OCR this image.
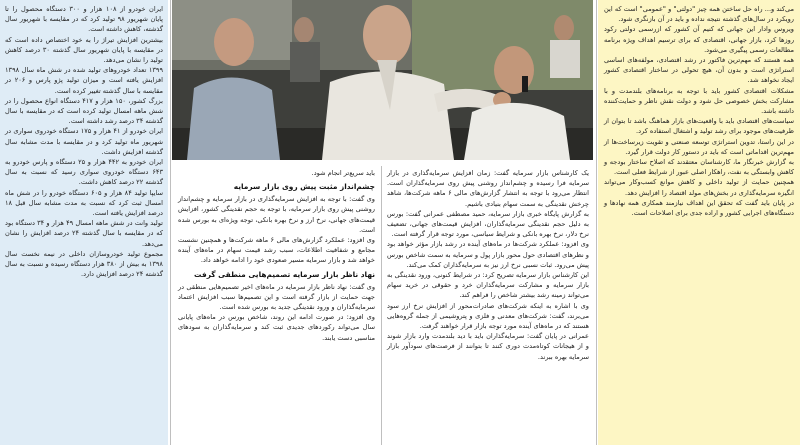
ایران خودرو از ۱۰۸ هزار و ۳۰۰ دستگاه محصول را تا پایان شهریور ۹۸ تولید کرد که در مقایسه با شهریور سال گذشته، کاهش داشته است.

بیشترین افزایش تیراژ را به خود اختصاص داده است که در مقایسه با پایان شهریور سال گذشته ۳۰ درصد کاهش تولید را نشان می‌دهد.

۱۳۹۹ تعداد خودروهای تولید شده در شش ماه سال ۱۳۹۸ افزایش یافته است و میزان تولید پژو پارس و ۲۰۶ در مقایسه با سال گذشته تغییر کرده است.

بزرگ کشور، ۱۵۰ هزار و ۴۱۷ دستگاه انواع محصول را در شش ماهه امسال تولید کرده است که در مقایسه با سال گذشته ۳۴ درصد رشد داشته است.

ایران خودرو از ۴۱ هزار و ۱۷۵ دستگاه خودروی سواری در شهریور ماه تولید کرد و در مقایسه با مدت مشابه سال گذشته افزایش داشت.

ایران خودرو به ۴۴۲ هزار و ۲۵ دستگاه و پارس خودرو به ۶۴۳ دستگاه خودروی سواری رسید که نسبت به سال گذشته ۲۲ درصد کاهش داشت.

سایپا تولید ۸۴ هزار و ۶۰۵ دستگاه خودرو را در شش ماه امسال ثبت کرد که نسبت به مدت مشابه سال قبل ۱۸ درصد افزایش یافته است.

تولید وانت در شش ماهه امسال ۴۹ هزار و ۳۴ دستگاه بود که در مقایسه با سال گذشته ۲۴ درصد افزایش را نشان می‌دهد.

مجموع تولید خودروسازان داخلی در نیمه نخست سال ۱۳۹۸ به بیش از ۳۸۰ هزار دستگاه رسیده و نسبت به سال گذشته ۲۴ درصد افزایش دارد.

یک کارشناس بازار سرمایه گفت: زمان افزایش سرمایه‌گذاری در بازار سرمایه فرا رسیده و چشم‌انداز روشنی پیش روی سرمایه‌گذاران است. انتظار می‌رود با توجه به انتشار گزارش‌های مالی ۶ ماهه شرکت‌ها، شاهد چرخش نقدینگی به سمت سهام بنیادی باشیم.

به گزارش پایگاه خبری بازار سرمایه، حمید مصطفی عمرانی گفت: بورس به دلیل حجم نقدینگی سرمایه‌گذاران، افزایش قیمت‌های جهانی، تضعیف نرخ دلار، نرخ بهره بانکی و شرایط سیاسی، مورد توجه قرار گرفته است.

وی افزود: عملکرد شرکت‌ها در ماه‌های آینده در رشد بازار مؤثر خواهد بود و نظرهای اقتصادی حول محور بازار پول و سرمایه به سمت شاخص بورس پیش می‌رود. ثبات نسبی نرخ ارز نیز به سرمایه‌گذاران کمک می‌کند.

این کارشناس بازار سرمایه تصریح کرد: در شرایط کنونی، ورود نقدینگی به بازار سرمایه و مشارکت سرمایه‌گذاران خرد و حقوقی در خرید سهام می‌تواند زمینه رشد بیشتر شاخص را فراهم کند.

وی با اشاره به اینکه شرکت‌های صادرات‌محور از افزایش نرخ ارز سود می‌برند، گفت: شرکت‌های معدنی و فلزی و پتروشیمی از جمله گروه‌هایی هستند که در ماه‌های آینده مورد توجه بازار قرار خواهند گرفت.

عمرانی در پایان گفت: سرمایه‌گذاران باید با دید بلندمدت وارد بازار شوند و از هیجانات کوتاه‌مدت دوری کنند تا بتوانند از فرصت‌های سودآور بازار سرمایه بهره ببرند.

باید سریع‌تر انجام شود.

چشم‌انداز مثبت پیش روی بازار سرمایه

وی گفت: با توجه به افزایش سرمایه‌گذاری در بازار سرمایه و چشم‌انداز روشنی پیش روی بازار سرمایه، با توجه به حجم نقدینگی کشور، افزایش قیمت‌های جهانی، نرخ ارز و نرخ بهره بانکی، توجه ویژه‌ای به بورس شده است.

وی افزود: عملکرد گزارش‌های مالی ۶ ماهه شرکت‌ها و همچنین نشست مجامع و شفافیت اطلاعات، سبب رشد قیمت سهام در ماه‌های آینده خواهد شد و بازار سرمایه مسیر صعودی خود را ادامه خواهد داد.

نهاد ناظر بازار سرمایه تصمیم‌هایی منطقی گرفت

وی گفت: نهاد ناظر بازار سرمایه در ماه‌های اخیر تصمیم‌هایی منطقی در جهت حمایت از بازار گرفته است و این تصمیم‌ها سبب افزایش اعتماد سرمایه‌گذاران و ورود نقدینگی جدید به بورس شده است.

وی افزود: در صورت ادامه این روند، شاخص بورس در ماه‌های پایانی سال می‌تواند رکوردهای جدیدی ثبت کند و سرمایه‌گذاران به سودهای مناسبی دست یابند.

می‌کند و... راه حل ساختن همه چیز "دولتی" و "عمومی" است که این رویکرد در سال‌های گذشته نتیجه نداده و باید در آن بازنگری شود.

ویروس وادار این جهانی که کنیم آن کشور که ازرسمی دولتی رکود روزها کرد، بازار جهانی، اقتصادی که برای ترسیم اهداف ویژه برنامه مطالعات رسمی پیگیری می‌شود.

همه هستند که مهم‌ترین فاکتور در رشد اقتصادی، مولفه‌های اساسی استراتژی است و بدون آن، هیچ تحولی در ساختار اقتصادی کشور ایجاد نخواهد شد.

مشکلات اقتصادی کشور باید با توجه به برنامه‌های بلندمدت و با مشارکت بخش خصوصی حل شود و دولت نقش ناظر و حمایت‌کننده داشته باشد.

سیاست‌های اقتصادی باید با واقعیت‌های بازار هماهنگ باشد تا بتوان از ظرفیت‌های موجود برای رشد تولید و اشتغال استفاده کرد.

در این راستا، تدوین استراتژی توسعه صنعتی و تقویت زیرساخت‌ها از مهم‌ترین اقداماتی است که باید در دستور کار دولت قرار گیرد.

به گزارش خبرنگار ما، کارشناسان معتقدند که اصلاح ساختار بودجه و کاهش وابستگی به نفت، راهکار اصلی عبور از شرایط فعلی است.

همچنین حمایت از تولید داخلی و کاهش موانع کسب‌وکار می‌تواند انگیزه سرمایه‌گذاری در بخش‌های مولد اقتصاد را افزایش دهد.

در پایان باید گفت که تحقق این اهداف نیازمند همکاری همه نهادها و دستگاه‌های اجرایی کشور و اراده جدی برای اصلاحات است.
